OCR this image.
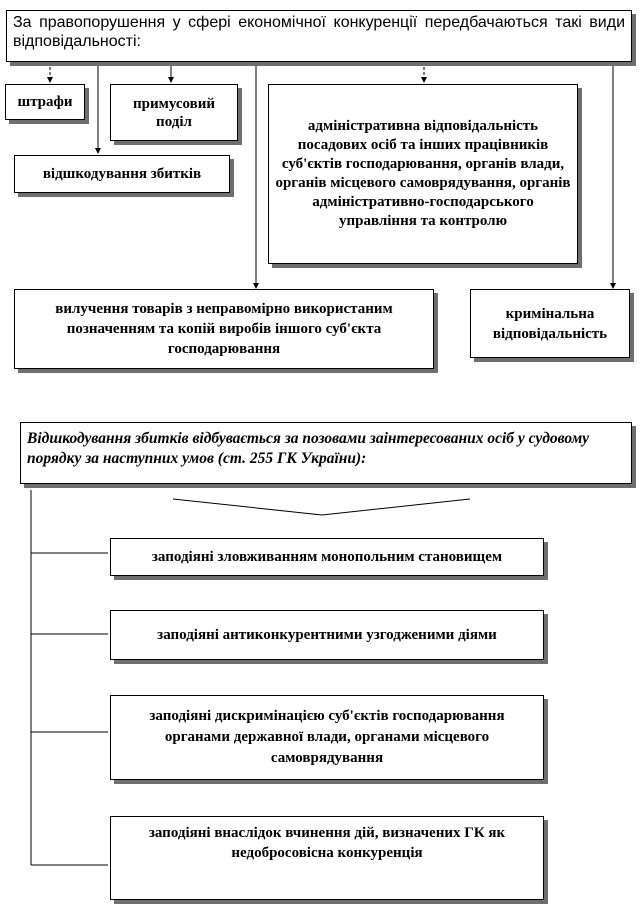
За правопорушення у сфері економічної конкуренції передбачаються такі види відповідальності:
штрафи	примусовий поділ	адміністративна відповідальність посадових осіб та інших працівників суб'єктів господарювання, органів влади, органів місцевого самоврядування, органів адміністративно-господарського управління та контролю
відшкодування збитків
вилучення товарів з неправомірно використаним позначенням та копій виробів іншого суб'єкта господарювання
кримінальна відповідальність
Відшкодування збитків відбувається за позовами заінтересованих осіб у судовому порядку за наступних умов (ст. 255 ГК України):
заподіяні зловживанням монопольним становищем
заподіяні антиконкурентними узгодженими діями
заподіяні дискримінацією суб'єктів господарювання органами державної влади, органами місцевого самоврядування
заподіяні внаслідок вчинення дій, визначених ГК як недобросовісна конкуренція
